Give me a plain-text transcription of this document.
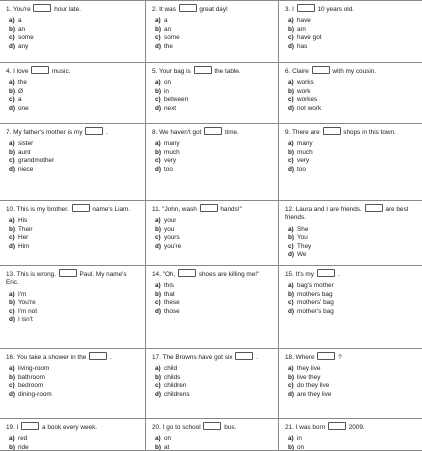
1. You're	hour late.
a) a
b) an
c) some
d) any
2. It was	great day!
a) a
b) an
c) some
d) the
3. I	10 years old.
a) have
b) am
c) have got
d) has
4. I love	music.
a) the
b) Ø
c) a
d) one
5. Your bag is	the table.
a) on
b) in
c) between
d) next
6. Claire	with my cousin.
a) works
b) work
c) workes
d) not work
7. My father's mother is my	.
a) sister
b) aunt
c) grandmother
d) niece
8. We haven't got	time.
a) many
b) much
c) very
d) too
9. There are	shops in this town.
a) many
b) much
c) very
d) too
10. This is my brother.	name's Liam.
a) His
b) Their
c) Her
d) Him
11. "John, wash	hands!"
a) your
b) you
c) yours
d) you're
12. Laura and I are friends.	are best friends.
a) She
b) You
c) They
d) We
13. This is wrong.	Paul. My name's Eric.
a) I'm
b) You're
c) I'm not
d) I isn't
14. "Oh,	shoes are killing me!"
a) this
b) that
c) these
d) those
15. It's my	.
a) bag's mother
b) mothers bag
c) mothers' bag
d) mother's bag
16. You take a shower in the	.
a) living-room
b) bathroom
c) bedroom
d) dining-room
17. The Browns have got six	.
a) child
b) childs
c) children
d) childrens
18. Where	?
a) they live
b) live they
c) do they live
d) are they live
19. I	a book every week.
a) red
b) ride
20. I go to school	bus.
a) on
b) at
21. I was born	2009.
a) in
b) on
